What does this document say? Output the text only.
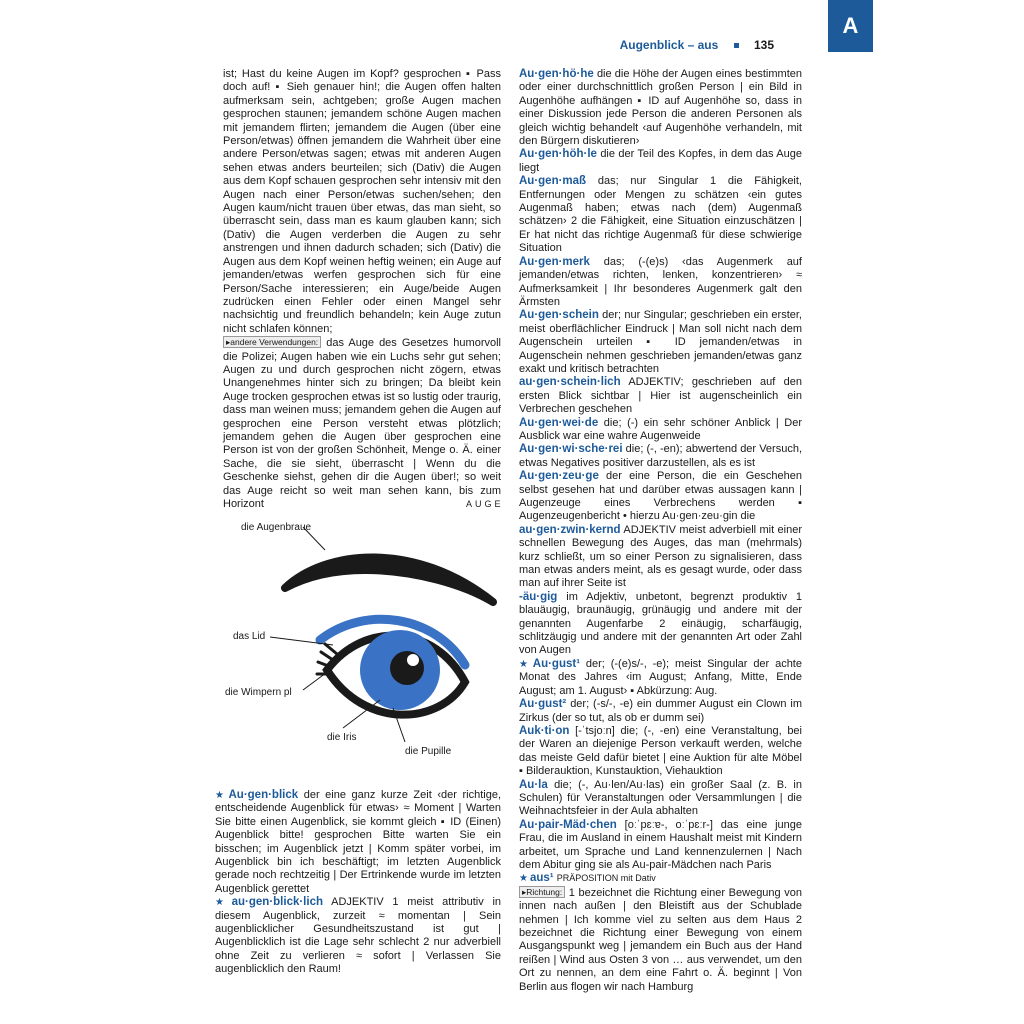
Augenblick – aus	135
A

ist; Hast du keine Augen im Kopf? gesprochen ▪ Pass doch auf! ▪ Sieh genauer hin!; die Augen offen halten aufmerksam sein, achtgeben; große Augen machen gesprochen staunen; jemandem schöne Augen machen mit jemandem flirten; jemandem die Augen (über eine Person/etwas) öffnen jemandem die Wahrheit über eine andere Person/etwas sagen; etwas mit anderen Augen sehen etwas anders beurteilen; sich (Dativ) die Augen aus dem Kopf schauen gesprochen sehr intensiv mit den Augen nach einer Person/etwas suchen/sehen; den Augen kaum/nicht trauen über etwas, das man sieht, so überrascht sein, dass man es kaum glauben kann; sich (Dativ) die Augen verderben die Augen zu sehr anstrengen und ihnen dadurch schaden; sich (Dativ) die Augen aus dem Kopf weinen heftig weinen; ein Auge auf jemanden/etwas werfen gesprochen sich für eine Person/Sache interessieren; ein Auge/beide Augen zudrücken einen Fehler oder einen Mangel sehr nachsichtig und freundlich behandeln; kein Auge zutun nicht schlafen können;

▸andere Verwendungen: das Auge des Gesetzes humorvoll die Polizei; Augen haben wie ein Luchs sehr gut sehen; Augen zu und durch gesprochen nicht zögern, etwas Unangenehmes hinter sich zu bringen; Da bleibt kein Auge trocken gesprochen etwas ist so lustig oder traurig, dass man weinen muss; jemandem gehen die Augen auf gesprochen eine Person versteht etwas plötzlich; jemandem gehen die Augen über gesprochen eine Person ist von der großen Schönheit, Menge o. Ä. einer Sache, die sie sieht, überrascht | Wenn du die Geschenke siehst, gehen dir die Augen über!; so weit das Auge reicht so weit man sehen kann, bis zum Horizont	AUGE
die Augenbraue
das Lid
die Wimpern pl
die Iris
die Pupille

★ Au·gen·blick der eine ganz kurze Zeit ‹der richtige, entscheidende Augenblick für etwas› ≈ Moment | Warten Sie bitte einen Augenblick, sie kommt gleich ▪ ID (Einen) Augenblick bitte! gesprochen Bitte warten Sie ein bisschen; im Augenblick jetzt | Komm später vorbei, im Augenblick bin ich beschäftigt; im letzten Augenblick gerade noch rechtzeitig | Der Ertrinkende wurde im letzten Augenblick gerettet

★ au·gen·blick·lich ADJEKTIV 1 meist attributiv in diesem Augenblick, zurzeit ≈ momentan | Sein augenblicklicher Gesundheitszustand ist gut | Augenblicklich ist die Lage sehr schlecht 2 nur adverbiell ohne Zeit zu verlieren ≈ sofort | Verlassen Sie augenblicklich den Raum!

Au·gen·hö·he die die Höhe der Augen eines bestimmten oder einer durchschnittlich großen Person | ein Bild in Augenhöhe aufhängen ▪ ID auf Augenhöhe so, dass in einer Diskussion jede Person die anderen Personen als gleich wichtig behandelt ‹auf Augenhöhe verhandeln, mit den Bürgern diskutieren›

Au·gen·höh·le die der Teil des Kopfes, in dem das Auge liegt

Au·gen·maß das; nur Singular 1 die Fähigkeit, Entfernungen oder Mengen zu schätzen ‹ein gutes Augenmaß haben; etwas nach (dem) Augenmaß schätzen› 2 die Fähigkeit, eine Situation einzuschätzen | Er hat nicht das richtige Augenmaß für diese schwierige Situation

Au·gen·merk das; (-(e)s) ‹das Augenmerk auf jemanden/etwas richten, lenken, konzentrieren› ≈ Aufmerksamkeit | Ihr besonderes Augenmerk galt den Ärmsten

Au·gen·schein der; nur Singular; geschrieben ein erster, meist oberflächlicher Eindruck | Man soll nicht nach dem Augenschein urteilen ▪ ID jemanden/etwas in Augenschein nehmen geschrieben jemanden/etwas ganz exakt und kritisch betrachten

au·gen·schein·lich ADJEKTIV; geschrieben auf den ersten Blick sichtbar | Hier ist augenscheinlich ein Verbrechen geschehen

Au·gen·wei·de die; (-) ein sehr schöner Anblick | Der Ausblick war eine wahre Augenweide

Au·gen·wi·sche·rei die; (-, -en); abwertend der Versuch, etwas Negatives positiver darzustellen, als es ist

Au·gen·zeu·ge der eine Person, die ein Geschehen selbst gesehen hat und darüber etwas aussagen kann | Augenzeuge eines Verbrechens werden ▪ Augenzeugenbericht • hierzu Au·gen·zeu·gin die

au·gen·zwin·kernd ADJEKTIV meist adverbiell mit einer schnellen Bewegung des Auges, das man (mehrmals) kurz schließt, um so einer Person zu signalisieren, dass man etwas anders meint, als es gesagt wurde, oder dass man auf ihrer Seite ist

-äu·gig im Adjektiv, unbetont, begrenzt produktiv 1 blauäugig, braunäugig, grünäugig und andere mit der genannten Augenfarbe 2 einäugig, scharfäugig, schlitzäugig und andere mit der genannten Art oder Zahl von Augen

★ Au·gust¹ der; (-(e)s/-, -e); meist Singular der achte Monat des Jahres ‹im August; Anfang, Mitte, Ende August; am 1. August› ▪ Abkürzung: Aug.

Au·gust² der; (-s/-, -e) ein dummer August ein Clown im Zirkus (der so tut, als ob er dumm sei)

Auk·ti·on [-ˈtsjoːn] die; (-, -en) eine Veranstaltung, bei der Waren an diejenige Person verkauft werden, welche das meiste Geld dafür bietet | eine Auktion für alte Möbel ▪ Bilderauktion, Kunstauktion, Viehauktion

Au·la die; (-, Au·len/Au·las) ein großer Saal (z. B. in Schulen) für Veranstaltungen oder Versammlungen | die Weihnachtsfeier in der Aula abhalten

Au·pair-Mäd·chen [oːˈpɛːɐ-, oːˈpɛːr-] das eine junge Frau, die im Ausland in einem Haushalt meist mit Kindern arbeitet, um Sprache und Land kennenzulernen | Nach dem Abitur ging sie als Au-pair-Mädchen nach Paris

★ aus¹ PRÄPOSITION mit Dativ
▸Richtung: 1 bezeichnet die Richtung einer Bewegung von innen nach außen | den Bleistift aus der Schublade nehmen | Ich komme viel zu selten aus dem Haus 2 bezeichnet die Richtung einer Bewegung von einem Ausgangspunkt weg | jemandem ein Buch aus der Hand reißen | Wind aus Osten 3 von … aus verwendet, um den Ort zu nennen, an dem eine Fahrt o. Ä. beginnt | Von Berlin aus flogen wir nach Hamburg
